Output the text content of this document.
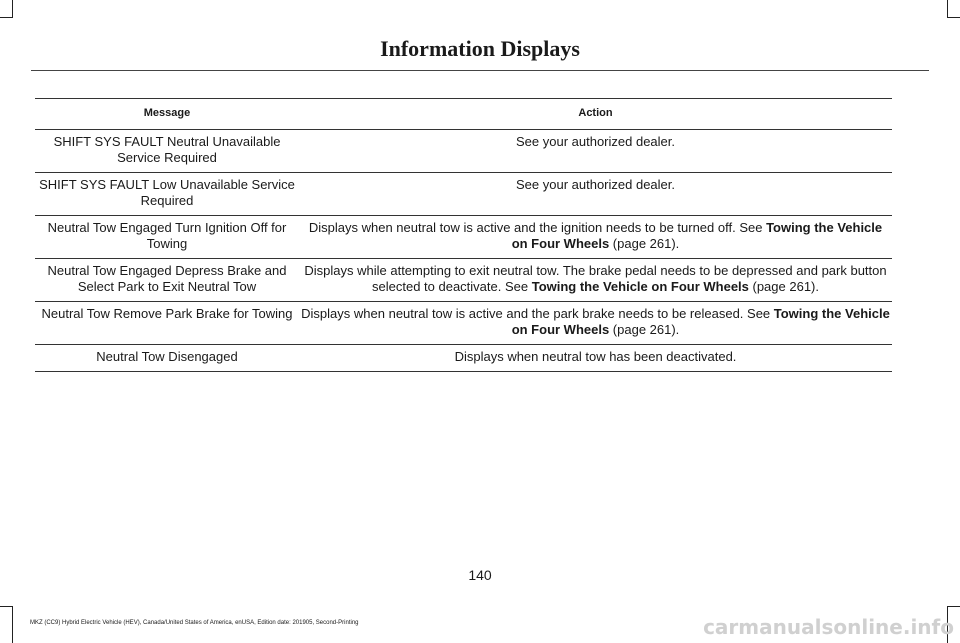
Information Displays
Message	Action
SHIFT SYS FAULT Neutral Unavailable Service Required	See your authorized dealer.
SHIFT SYS FAULT Low Unavailable Service Required	See your authorized dealer.
Neutral Tow Engaged Turn Ignition Off for Towing	Displays when neutral tow is active and the ignition needs to be turned off. See Towing the Vehicle on Four Wheels (page 261).
Neutral Tow Engaged Depress Brake and Select Park to Exit Neutral Tow	Displays while attempting to exit neutral tow. The brake pedal needs to be depressed and park button selected to deactivate. See Towing the Vehicle on Four Wheels (page 261).
Neutral Tow Remove Park Brake for Towing	Displays when neutral tow is active and the park brake needs to be released. See Towing the Vehicle on Four Wheels (page 261).
Neutral Tow Disengaged	Displays when neutral tow has been deactivated.
140
MKZ (CC9) Hybrid Electric Vehicle (HEV), Canada/United States of America, enUSA, Edition date: 201905, Second-Printing	carmanualsonline.info
